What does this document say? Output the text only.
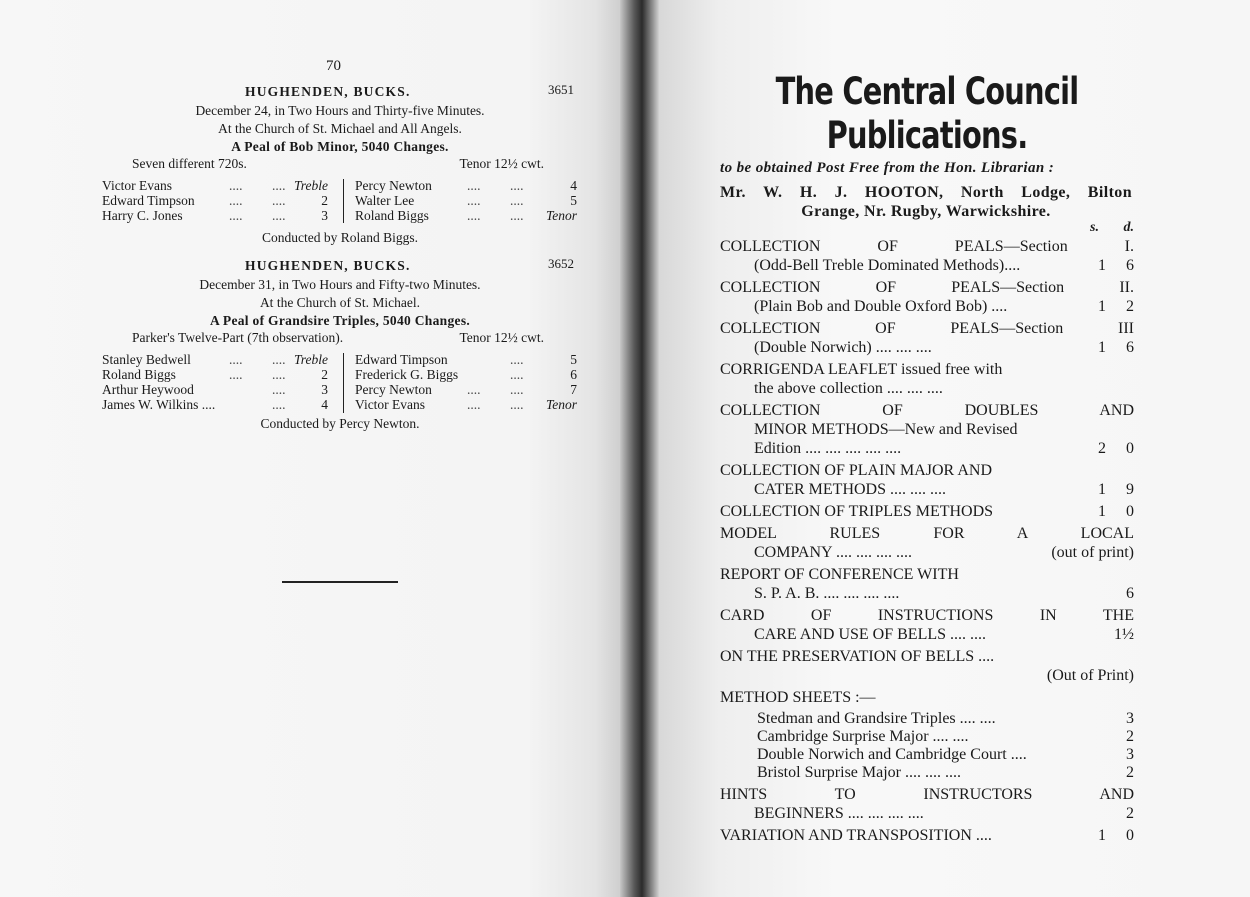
70
HUGHENDEN, BUCKS.	3651
December 24, in Two Hours and Thirty-five Minutes.
At the Church of St. Michael and All Angels.
A Peal of Bob Minor, 5040 Changes.
Seven different 720s.	Tenor 12½ cwt.
Victor Evans	.... .... Treble
Edward Timpson	.... ....	2
Harry C. Jones	.... ....	3
Percy Newton	.... ....	4
Walter Lee	.... ....	5
Roland Biggs	.... .... Tenor
Conducted by Roland Biggs.
HUGHENDEN, BUCKS.	3652
December 31, in Two Hours and Fifty-two Minutes.
At the Church of St. Michael.
A Peal of Grandsire Triples, 5040 Changes.
Parker's Twelve-Part (7th observation).	Tenor 12½ cwt.
Stanley Bedwell	.... .... Treble
Roland Biggs	.... ....	2
Arthur Heywood	....	3
James W. Wilkins ....	....	4
Edward Timpson	....	5
Frederick G. Biggs	....	6
Percy Newton	.... ....	7
Victor Evans	.... .... Tenor
Conducted by Percy Newton.
The Central Council
Publications.
to be obtained Post Free from the Hon. Librarian :
Mr. W. H. J. HOOTON, North Lodge, Bilton
Grange, Nr. Rugby, Warwickshire.
s. d.
COLLECTION OF PEALS—Section I.
(Odd-Bell Treble Dominated Methods)....	1 6
COLLECTION OF PEALS—Section II.
(Plain Bob and Double Oxford Bob) ....	1 2
COLLECTION OF PEALS—Section III
(Double Norwich) .... .... ....	1 6
CORRIGENDA LEAFLET issued free with
the above collection .... .... ....
COLLECTION OF DOUBLES AND
MINOR METHODS—New and Revised
Edition .... .... .... .... ....	2 0
COLLECTION OF PLAIN MAJOR AND
CATER METHODS .... .... ....	1 9
COLLECTION OF TRIPLES METHODS	1 0
MODEL RULES FOR A LOCAL
COMPANY .... .... .... ....	(out of print)
REPORT OF CONFERENCE WITH
S. P. A. B. .... .... .... ....	6
CARD OF INSTRUCTIONS IN THE
CARE AND USE OF BELLS .... ....	1½
ON THE PRESERVATION OF BELLS ....
(Out of Print)
METHOD SHEETS :—
Stedman and Grandsire Triples .... ....	3
Cambridge Surprise Major .... ....	2
Double Norwich and Cambridge Court ....	3
Bristol Surprise Major .... .... ....	2
HINTS TO INSTRUCTORS AND
BEGINNERS .... .... .... ....	2
VARIATION AND TRANSPOSITION ....	1 0
